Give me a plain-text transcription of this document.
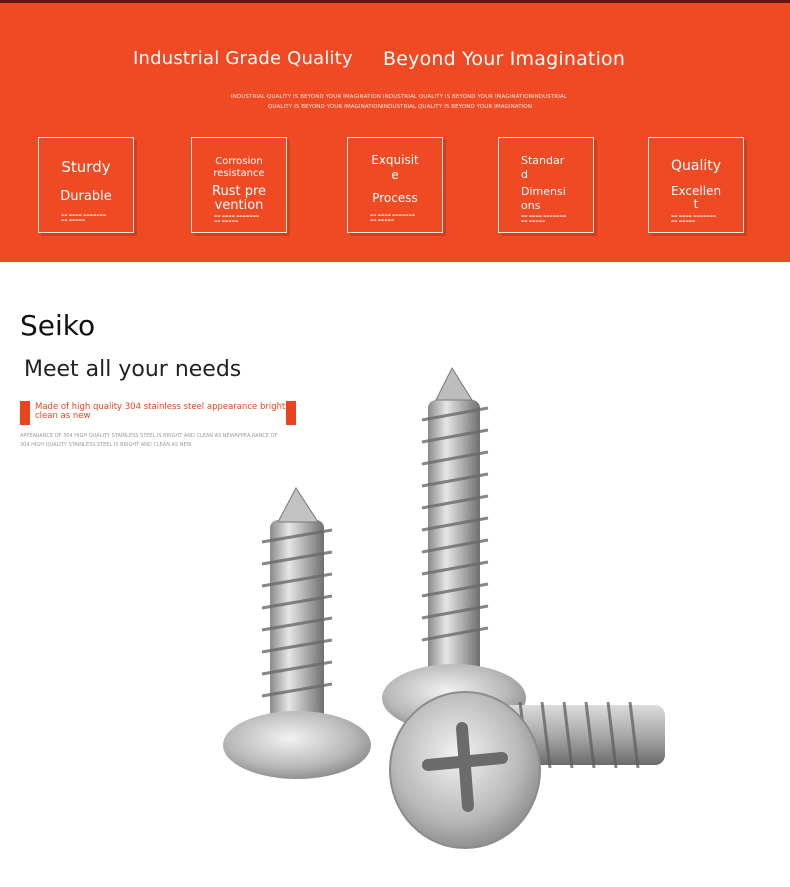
Industrial Grade Quality Beyond Your Imagination
INDUSTRIAL QUALITY IS BEYOND YOUR IMAGINATION INDUSTRIAL QUALITY IS BEYOND YOUR IMAGINATIONINDUSTRIAL
QUALITY IS BEYOND YOUR IMAGINATIONINDUSTRIAL QUALITY IS BEYOND YOUR IMAGINATION
Sturdy
Durable
▬▬ ▬▬▬▬ ▬▬▬▬▬▬▬
▬▬ ▬▬▬▬▬
Corrosion
resistance
Rust pre
vention
▬▬ ▬▬▬▬ ▬▬▬▬▬▬▬
▬▬ ▬▬▬▬▬
Exquisit
e
Process
▬▬ ▬▬▬▬ ▬▬▬▬▬▬▬
▬▬ ▬▬▬▬▬
Standar
d
Dimensi
ons
▬▬ ▬▬▬▬ ▬▬▬▬▬▬▬
▬▬ ▬▬▬▬▬
Quality
Excellen
t
▬▬ ▬▬▬▬ ▬▬▬▬▬▬▬
▬▬ ▬▬▬▬▬
Seiko
Meet all your needs
Made of high quality 304 stainless steel appearance bright clean as new
APPEARANCE OF 304 HIGH QUALITY STAINLESS STEEL IS BRIGHT AND CLEAN AS NEWAPPEA RANCE OF 304 HIGH QUALITY STAINLESS STEEL IS BRIGHT AND CLEAN AS NEW
